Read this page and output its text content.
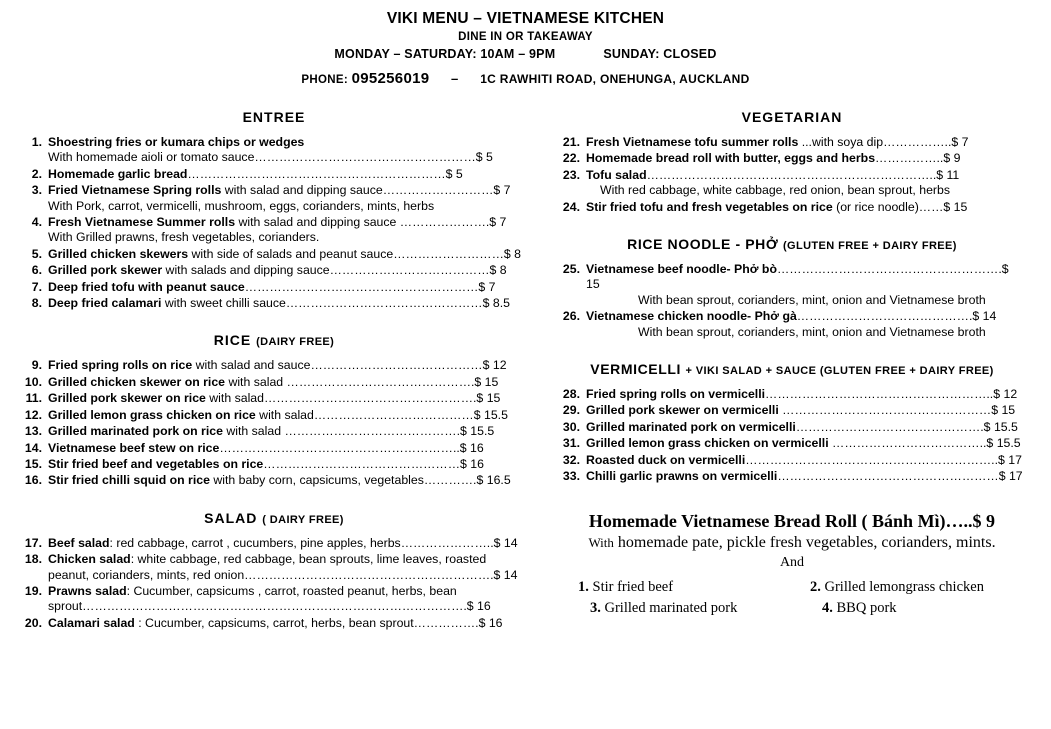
VIKI MENU – VIETNAMESE KITCHEN
DINE IN OR TAKEAWAY
MONDAY – SATURDAY: 10AM – 9PM	SUNDAY: CLOSED
PHONE: 095256019 – 1C RAWHITI ROAD, ONEHUNGA, AUCKLAND
ENTREE
1. Shoestring fries or kumara chips or wedges
With homemade aioli or tomato sauce………………………………………………$ 5
2. Homemade garlic bread………………………………………………………$ 5
3. Fried Vietnamese Spring rolls with salad and dipping sauce………………………$ 7
With Pork, carrot, vermicelli, mushroom, eggs, corianders, mints, herbs
4. Fresh Vietnamese Summer rolls with salad and dipping sauce ………………….$ 7
With Grilled prawns, fresh vegetables, corianders.
5. Grilled chicken skewers with side of salads and peanut sauce………………………$ 8
6. Grilled pork skewer with salads and dipping sauce…………………………………$ 8
7. Deep fried tofu with peanut sauce…………………………………………………$ 7
8. Deep fried calamari with sweet chilli sauce…………………………………………$ 8.5
RICE (DAIRY FREE)
9. Fried spring rolls on rice with salad and sauce……………………………………$ 12
10. Grilled chicken skewer on rice with salad ……………………………………….$ 15
11. Grilled pork skewer on rice with salad…………………………………………….$ 15
12. Grilled lemon grass chicken on rice with salad…………………………………$ 15.5
13. Grilled marinated pork on rice with salad …………………………………….$ 15.5
14. Vietnamese beef stew on rice…………………………………………………..$ 16
15. Stir fried beef and vegetables on rice…………………………………………$ 16
16. Stir fried chilli squid on rice with baby corn, capsicums, vegetables………….$ 16.5
SALAD ( DAIRY FREE)
17. Beef salad: red cabbage, carrot , cucumbers, pine apples, herbs…………………..$ 14
18. Chicken salad: white cabbage, red cabbage, bean sprouts, lime leaves, roasted
peanut, corianders, mints, red onion…………………………………………………….$ 14
19. Prawns salad: Cucumber, capsicums , carrot, roasted peanut, herbs, bean
sprout………………………………………………………………………………….$ 16
20. Calamari salad : Cucumber, capsicums, carrot, herbs, bean sprout…………….$ 16
VEGETARIAN
21. Fresh Vietnamese tofu summer rolls ...with soya dip……………..$ 7
22. Homemade bread roll with butter, eggs and herbs……………..$ 9
23. Tofu salad……………………………………………………………..$ 11
With red cabbage, white cabbage, red onion, bean sprout, herbs
24. Stir fried tofu and fresh vegetables on rice (or rice noodle)……$ 15
RICE NOODLE - PHỞ (GLUTEN FREE + DAIRY FREE)
25. Vietnamese beef noodle- Phở bò……………………………………………….$ 15
With bean sprout, corianders, mint, onion and Vietnamese broth
26. Vietnamese chicken noodle- Phở gà…………………………………….$ 14
With bean sprout, corianders, mint, onion and Vietnamese broth
VERMICELLI + VIKI SALAD + SAUCE (GLUTEN FREE + DAIRY FREE)
28. Fried spring rolls on vermicelli………………………………………………..$ 12
29. Grilled pork skewer on vermicelli ……………………………………………$ 15
30. Grilled marinated pork on vermicelli……………………………………….$ 15.5
31. Grilled lemon grass chicken on vermicelli ………………………………..$ 15.5
32. Roasted duck on vermicelli……………………………………………………..$ 17
33. Chilli garlic prawns on vermicelli………………………………………………$ 17
Homemade Vietnamese Bread Roll ( Bánh Mì)…..$ 9
With homemade pate, pickle fresh vegetables, corianders, mints.
And
1. Stir fried beef	2. Grilled lemongrass chicken
3. Grilled marinated pork	4. BBQ pork
